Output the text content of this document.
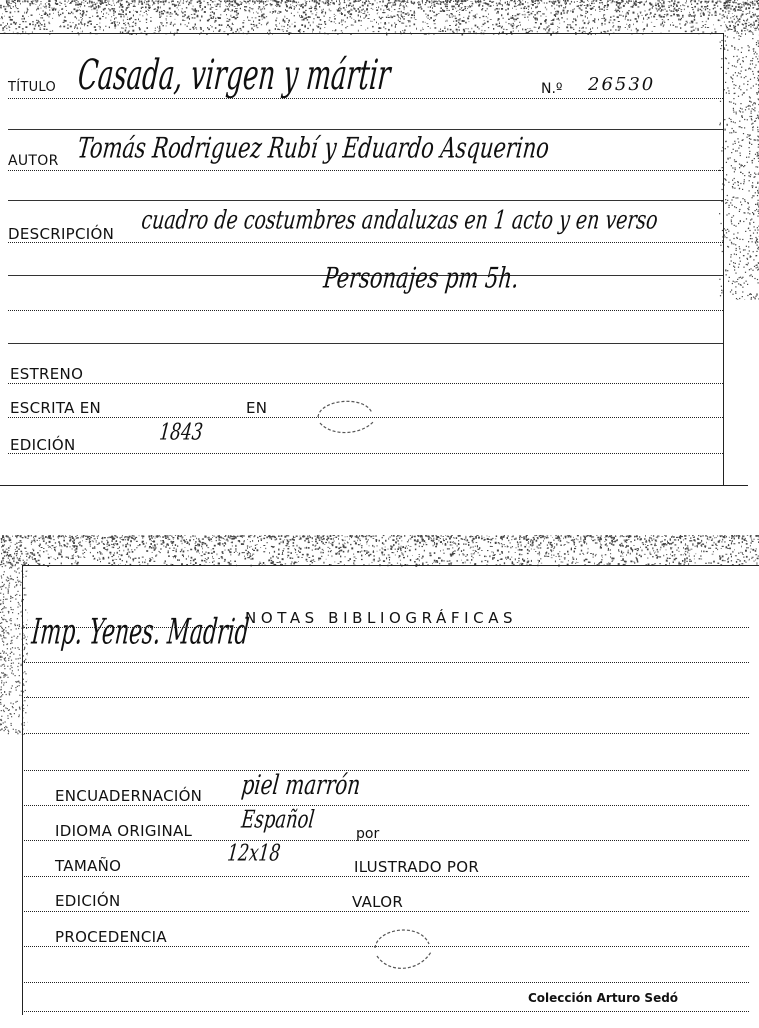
TÍTULO Casada, virgen y mártir	N.º 26530
AUTOR Tomás Rodriguez Rubí y Eduardo Asquerino
DESCRIPCIÓN cuadro de costumbres andaluzas en 1 acto y en verso
Personajes pm 5h.
ESTRENO
ESCRITA EN	EN
EDICIÓN	1843
NOTAS BIBLIOGRÁFICAS
Imp. Yenes. Madrid
ENCUADERNACIÓN piel marrón
IDIOMA ORIGINAL	Español	por
TAMAÑO	12x18	ILUSTRADO POR
EDICIÓN	VALOR
PROCEDENCIA
Colección Arturo Sedó
